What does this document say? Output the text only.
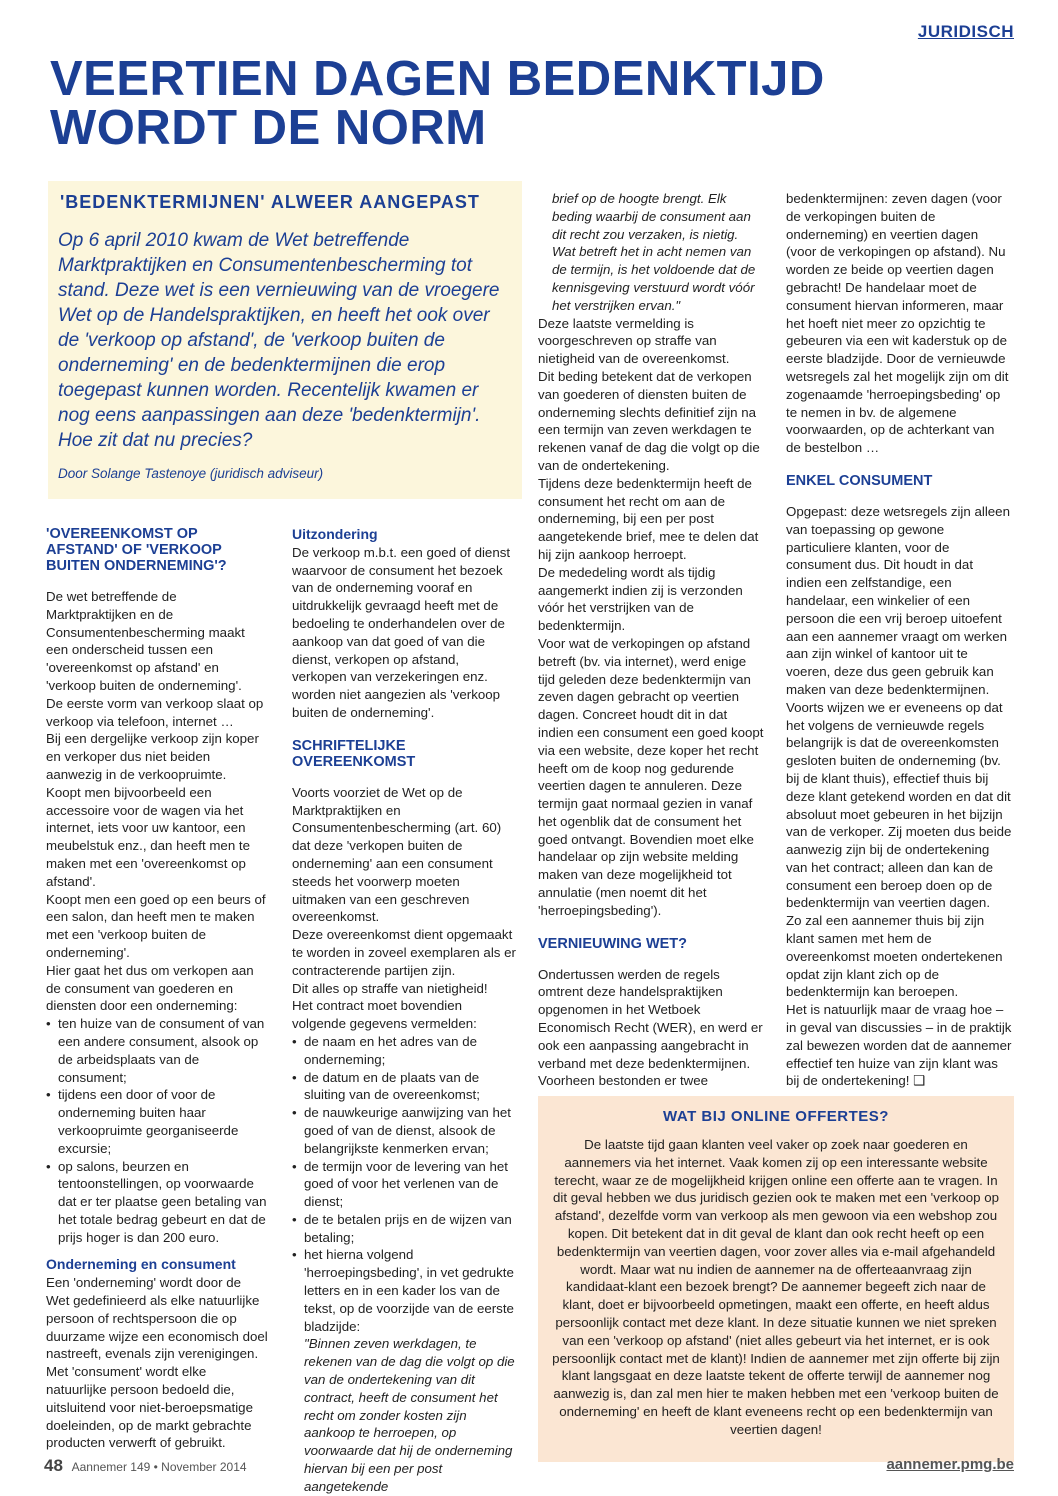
JURIDISCH
VEERTIEN DAGEN BEDENKTIJD WORDT DE NORM
'BEDENKTERMIJNEN' ALWEER AANGEPAST

Op 6 april 2010 kwam de Wet betreffende Marktpraktijken en Consumentenbescherming tot stand. Deze wet is een vernieuwing van de vroegere Wet op de Handelspraktijken, en heeft het ook over de 'verkoop op afstand', de 'verkoop buiten de onderneming' en de bedenktermijnen die erop toegepast kunnen worden. Recentelijk kwamen er nog eens aanpassingen aan deze 'bedenktermijn'. Hoe zit dat nu precies?

Door Solange Tastenoye (juridisch adviseur)

'OVEREENKOMST OP AFSTAND' OF 'VERKOOP BUITEN ONDERNEMING'?

De wet betreffende de Marktpraktijken en de Consumentenbescherming maakt een onderscheid tussen een 'overeenkomst op afstand' en 'verkoop buiten de onderneming'.

De eerste vorm van verkoop slaat op verkoop via telefoon, internet …

Bij een dergelijke verkoop zijn koper en verkoper dus niet beiden aanwezig in de verkoopruimte.

Koopt men bijvoorbeeld een accessoire voor de wagen via het internet, iets voor uw kantoor, een meubelstuk enz., dan heeft men te maken met een 'overeenkomst op afstand'.

Koopt men een goed op een beurs of een salon, dan heeft men te maken met een 'verkoop buiten de onderneming'.

Hier gaat het dus om verkopen aan de consument van goederen en diensten door een onderneming:

• ten huize van de consument of van een andere consument, alsook op de arbeidsplaats van de consument;
• tijdens een door of voor de onderneming buiten haar verkoopruimte georganiseerde excursie;
• op salons, beurzen en tentoonstellingen, op voorwaarde dat er ter plaatse geen betaling van het totale bedrag gebeurt en dat de prijs hoger is dan 200 euro.

Onderneming en consument

Een 'onderneming' wordt door de Wet gedefinieerd als elke natuurlijke persoon of rechtspersoon die op duurzame wijze een economisch doel nastreeft, evenals zijn verenigingen.

Met 'consument' wordt elke natuurlijke persoon bedoeld die, uitsluitend voor niet-beroepsmatige doeleinden, op de markt gebrachte producten verwerft of gebruikt.

Uitzondering

De verkoop m.b.t. een goed of dienst waarvoor de consument het bezoek van de onderneming vooraf en uitdrukkelijk gevraagd heeft met de bedoeling te onderhandelen over de aankoop van dat goed of van die dienst, verkopen op afstand, verkopen van verzekeringen enz. worden niet aangezien als 'verkoop buiten de onderneming'.

SCHRIFTELIJKE OVEREENKOMST

Voorts voorziet de Wet op de Marktpraktijken en Consumentenbescherming (art. 60) dat deze 'verkopen buiten de onderneming' aan een consument steeds het voorwerp moeten uitmaken van een geschreven overeenkomst.

Deze overeenkomst dient opgemaakt te worden in zoveel exemplaren als er contracterende partijen zijn.

Dit alles op straffe van nietigheid!

Het contract moet bovendien volgende gegevens vermelden:

• de naam en het adres van de onderneming;
• de datum en de plaats van de sluiting van de overeenkomst;
• de nauwkeurige aanwijzing van het goed of van de dienst, alsook de belangrijkste kenmerken ervan;
• de termijn voor de levering van het goed of voor het verlenen van de dienst;
• de te betalen prijs en de wijzen van betaling;
• het hierna volgend 'herroepingsbeding', in vet gedrukte letters en in een kader los van de tekst, op de voorzijde van de eerste bladzijde:

"Binnen zeven werkdagen, te rekenen van de dag die volgt op die van de ondertekening van dit contract, heeft de consument het recht om zonder kosten zijn aankoop te herroepen, op voorwaarde dat hij de onderneming hiervan bij een per post aangetekende

brief op de hoogte brengt. Elk beding waarbij de consument aan dit recht zou verzaken, is nietig. Wat betreft het in acht nemen van de termijn, is het voldoende dat de kennisgeving verstuurd wordt vóór het verstrijken ervan."

Deze laatste vermelding is voorgeschreven op straffe van nietigheid van de overeenkomst.

Dit beding betekent dat de verkopen van goederen of diensten buiten de onderneming slechts definitief zijn na een termijn van zeven werkdagen te rekenen vanaf de dag die volgt op die van de ondertekening.

Tijdens deze bedenktermijn heeft de consument het recht om aan de onderneming, bij een per post aangetekende brief, mee te delen dat hij zijn aankoop herroept.

De mededeling wordt als tijdig aangemerkt indien zij is verzonden vóór het verstrijken van de bedenktermijn.

Voor wat de verkopingen op afstand betreft (bv. via internet), werd enige tijd geleden deze bedenktermijn van zeven dagen gebracht op veertien dagen. Concreet houdt dit in dat indien een consument een goed koopt via een website, deze koper het recht heeft om de koop nog gedurende veertien dagen te annuleren. Deze termijn gaat normaal gezien in vanaf het ogenblik dat de consument het goed ontvangt. Bovendien moet elke handelaar op zijn website melding maken van deze mogelijkheid tot annulatie (men noemt dit het 'herroepingsbeding').

VERNIEUWING WET?

Ondertussen werden de regels omtrent deze handelspraktijken opgenomen in het Wetboek Economisch Recht (WER), en werd er ook een aanpassing aangebracht in verband met deze bedenktermijnen.

Voorheen bestonden er twee

bedenktermijnen: zeven dagen (voor de verkopingen buiten de onderneming) en veertien dagen (voor de verkopingen op afstand). Nu worden ze beide op veertien dagen gebracht! De handelaar moet de consument hiervan informeren, maar het hoeft niet meer zo opzichtig te gebeuren via een wit kaderstuk op de eerste bladzijde. Door de vernieuwde wetsregels zal het mogelijk zijn om dit zogenaamde 'herroepingsbeding' op te nemen in bv. de algemene voorwaarden, op de achterkant van de bestelbon …

ENKEL CONSUMENT

Opgepast: deze wetsregels zijn alleen van toepassing op gewone particuliere klanten, voor de consument dus. Dit houdt in dat indien een zelfstandige, een handelaar, een winkelier of een persoon die een vrij beroep uitoefent aan een aannemer vraagt om werken aan zijn winkel of kantoor uit te voeren, deze dus geen gebruik kan maken van deze bedenktermijnen. Voorts wijzen we er eveneens op dat het volgens de vernieuwde regels belangrijk is dat de overeenkomsten gesloten buiten de onderneming (bv. bij de klant thuis), effectief thuis bij deze klant getekend worden en dat dit absoluut moet gebeuren in het bijzijn van de verkoper. Zij moeten dus beide aanwezig zijn bij de ondertekening van het contract; alleen dan kan de consument een beroep doen op de bedenktermijn van veertien dagen.

Zo zal een aannemer thuis bij zijn klant samen met hem de overeenkomst moeten ondertekenen opdat zijn klant zich op de bedenktermijn kan beroepen.

Het is natuurlijk maar de vraag hoe – in geval van discussies – in de praktijk zal bewezen worden dat de aannemer effectief ten huize van zijn klant was bij de ondertekening! ❑

WAT BIJ ONLINE OFFERTES?

De laatste tijd gaan klanten veel vaker op zoek naar goederen en aannemers via het internet. Vaak komen zij op een interessante website terecht, waar ze de mogelijkheid krijgen online een offerte aan te vragen. In dit geval hebben we dus juridisch gezien ook te maken met een 'verkoop op afstand', dezelfde vorm van verkoop als men gewoon via een webshop zou kopen. Dit betekent dat in dit geval de klant dan ook recht heeft op een bedenktermijn van veertien dagen, voor zover alles via e-mail afgehandeld wordt. Maar wat nu indien de aannemer na de offerteaanvraag zijn kandidaat-klant een bezoek brengt? De aannemer begeeft zich naar de klant, doet er bijvoorbeeld opmetingen, maakt een offerte, en heeft aldus persoonlijk contact met deze klant. In deze situatie kunnen we niet spreken van een 'verkoop op afstand' (niet alles gebeurt via het internet, er is ook persoonlijk contact met de klant)! Indien de aannemer met zijn offerte bij zijn klant langsgaat en deze laatste tekent de offerte terwijl de aannemer nog aanwezig is, dan zal men hier te maken hebben met een 'verkoop buiten de onderneming' en heeft de klant eveneens recht op een bedenktermijn van veertien dagen!

48 Aannemer 149 • November 2014	aannemer.pmg.be
